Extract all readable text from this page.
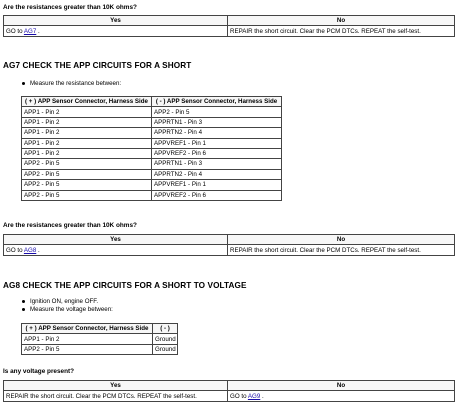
Are the resistances greater than 10K ohms?
Yes	No
GO to AG7 .	REPAIR the short circuit. Clear the PCM DTCs. REPEAT the self-test.
AG7 CHECK THE APP CIRCUITS FOR A SHORT
Measure the resistance between:
( + ) APP Sensor Connector, Harness Side	( - ) APP Sensor Connector, Harness Side
APP1 - Pin 2	APP2 - Pin 5
APP1 - Pin 2	APPRTN1 - Pin 3
APP1 - Pin 2	APPRTN2 - Pin 4
APP1 - Pin 2	APPVREF1 - Pin 1
APP1 - Pin 2	APPVREF2 - Pin 6
APP2 - Pin 5	APPRTN1 - Pin 3
APP2 - Pin 5	APPRTN2 - Pin 4
APP2 - Pin 5	APPVREF1 - Pin 1
APP2 - Pin 5	APPVREF2 - Pin 6
Are the resistances greater than 10K ohms?
Yes	No
GO to AG8 .	REPAIR the short circuit. Clear the PCM DTCs. REPEAT the self-test.
AG8 CHECK THE APP CIRCUITS FOR A SHORT TO VOLTAGE
Ignition ON, engine OFF.
Measure the voltage between:
( + ) APP Sensor Connector, Harness Side	( - )
APP1 - Pin 2	Ground
APP2 - Pin 5	Ground
Is any voltage present?
Yes	No
REPAIR the short circuit. Clear the PCM DTCs. REPEAT the self-test.	GO to AG9 .
